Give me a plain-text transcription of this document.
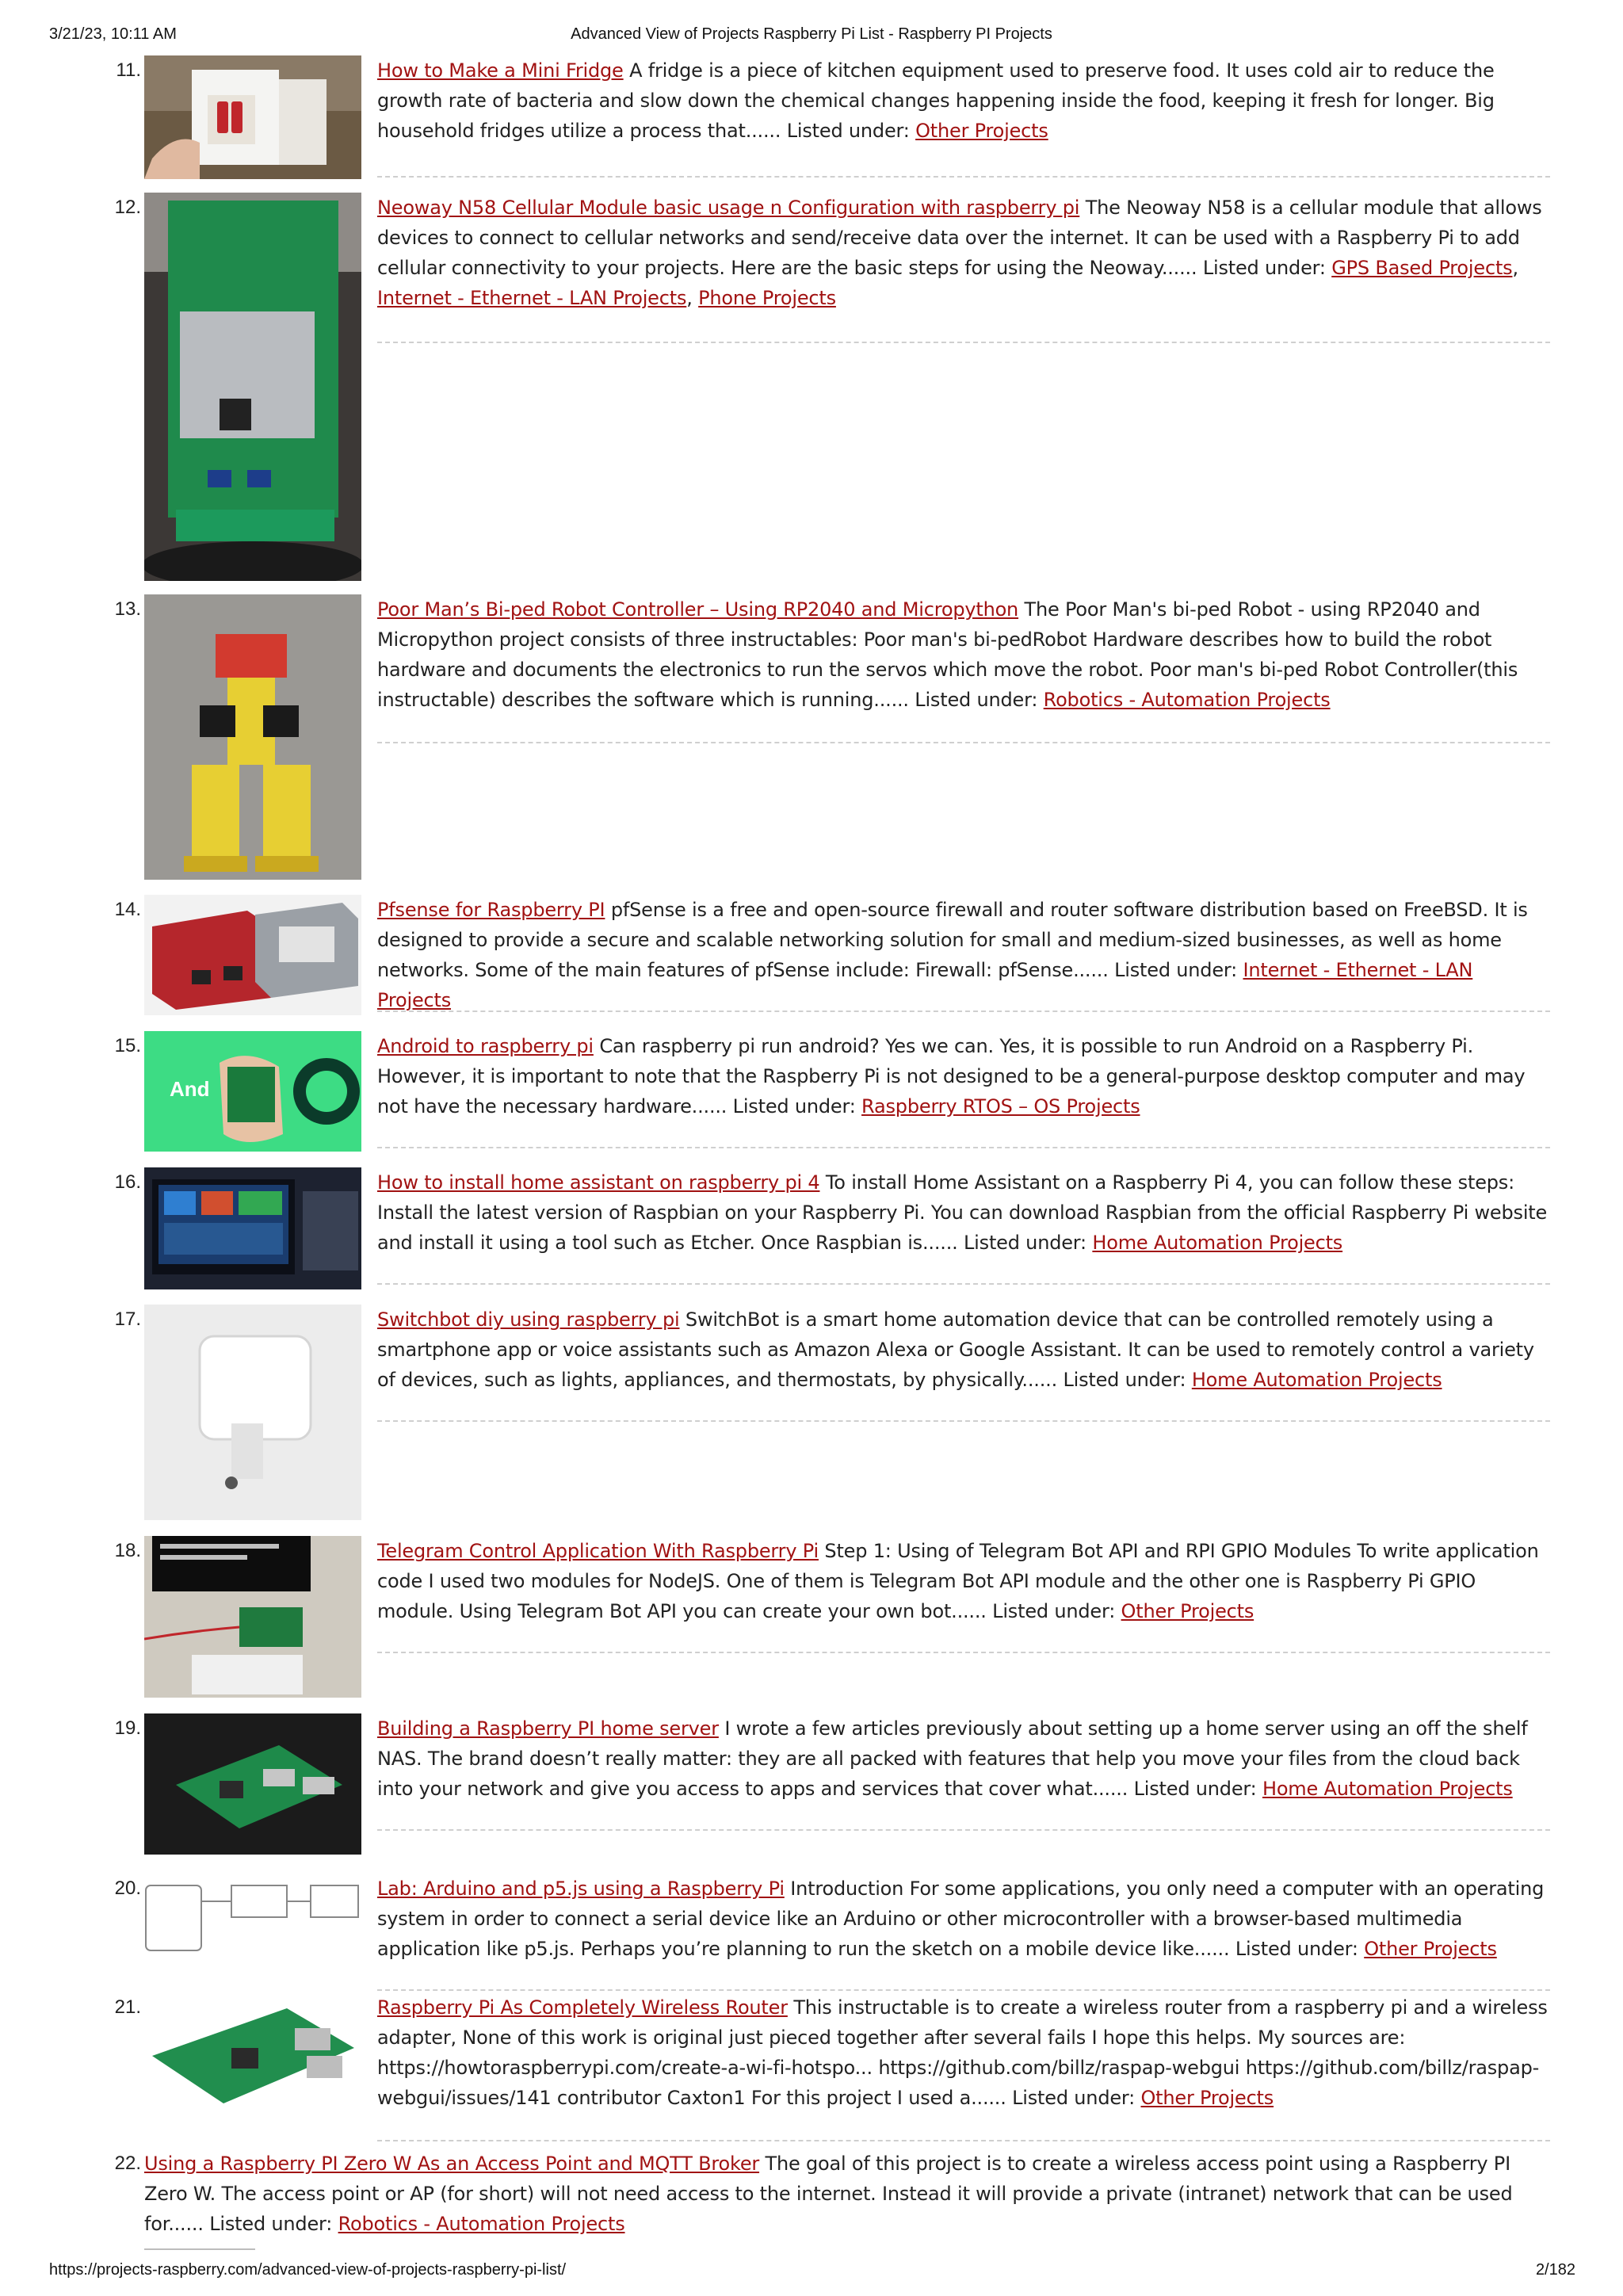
3/21/23, 10:11 AM	Advanced View of Projects Raspberry Pi List - Raspberry PI Projects
11.	How to Make a Mini Fridge A fridge is a piece of kitchen equipment used to preserve food. It uses cold air to reduce the growth rate of bacteria and slow down the chemical changes happening inside the food, keeping it fresh for longer. Big household fridges utilize a process that...... Listed under: Other Projects
12.	Neoway N58 Cellular Module basic usage n Configuration with raspberry pi The Neoway N58 is a cellular module that allows devices to connect to cellular networks and send/receive data over the internet. It can be used with a Raspberry Pi to add cellular connectivity to your projects. Here are the basic steps for using the Neoway...... Listed under: GPS Based Projects, Internet - Ethernet - LAN Projects, Phone Projects
13.	Poor Man’s Bi-ped Robot Controller – Using RP2040 and Micropython The Poor Man's bi-ped Robot - using RP2040 and Micropython project consists of three instructables: Poor man's bi-pedRobot Hardware describes how to build the robot hardware and documents the electronics to run the servos which move the robot. Poor man's bi-ped Robot Controller(this instructable) describes the software which is running...... Listed under: Robotics - Automation Projects
14.	Pfsense for Raspberry PI pfSense is a free and open-source firewall and router software distribution based on FreeBSD. It is designed to provide a secure and scalable networking solution for small and medium-sized businesses, as well as home networks. Some of the main features of pfSense include: Firewall: pfSense...... Listed under: Internet - Ethernet - LAN Projects
15.
And
Android to raspberry pi Can raspberry pi run android? Yes we can. Yes, it is possible to run Android on a Raspberry Pi. However, it is important to note that the Raspberry Pi is not designed to be a general-purpose desktop computer and may not have the necessary hardware...... Listed under: Raspberry RTOS – OS Projects
16.	How to install home assistant on raspberry pi 4 To install Home Assistant on a Raspberry Pi 4, you can follow these steps: Install the latest version of Raspbian on your Raspberry Pi. You can download Raspbian from the official Raspberry Pi website and install it using a tool such as Etcher. Once Raspbian is...... Listed under: Home Automation Projects
17.	Switchbot diy using raspberry pi SwitchBot is a smart home automation device that can be controlled remotely using a smartphone app or voice assistants such as Amazon Alexa or Google Assistant. It can be used to remotely control a variety of devices, such as lights, appliances, and thermostats, by physically...... Listed under: Home Automation Projects
18.	Telegram Control Application With Raspberry Pi Step 1: Using of Telegram Bot API and RPI GPIO Modules To write application code I used two modules for NodeJS. One of them is Telegram Bot API module and the other one is Raspberry Pi GPIO module. Using Telegram Bot API you can create your own bot...... Listed under: Other Projects
19.	Building a Raspberry PI home server I wrote a few articles previously about setting up a home server using an off the shelf NAS. The brand doesn’t really matter: they are all packed with features that help you move your files from the cloud back into your network and give you access to apps and services that cover what...... Listed under: Home Automation Projects
20.	Lab: Arduino and p5.js using a Raspberry Pi Introduction For some applications, you only need a computer with an operating system in order to connect a serial device like an Arduino or other microcontroller with a browser-based multimedia application like p5.js. Perhaps you’re planning to run the sketch on a mobile device like...... Listed under: Other Projects
21.	Raspberry Pi As Completely Wireless Router This instructable is to create a wireless router from a raspberry pi and a wireless adapter, None of this work is original just pieced together after several fails I hope this helps. My sources are: https://howtoraspberrypi.com/create-a-wi-fi-hotspo... https://github.com/billz/raspap-webgui https://github.com/billz/raspap-webgui/issues/141 contributor Caxton1 For this project I used a...... Listed under: Other Projects
22. Using a Raspberry PI Zero W As an Access Point and MQTT Broker The goal of this project is to create a wireless access point using a Raspberry PI Zero W. The access point or AP (for short) will not need access to the internet. Instead it will provide a private (intranet) network that can be used for...... Listed under: Robotics - Automation Projects
https://projects-raspberry.com/advanced-view-of-projects-raspberry-pi-list/	2/182
